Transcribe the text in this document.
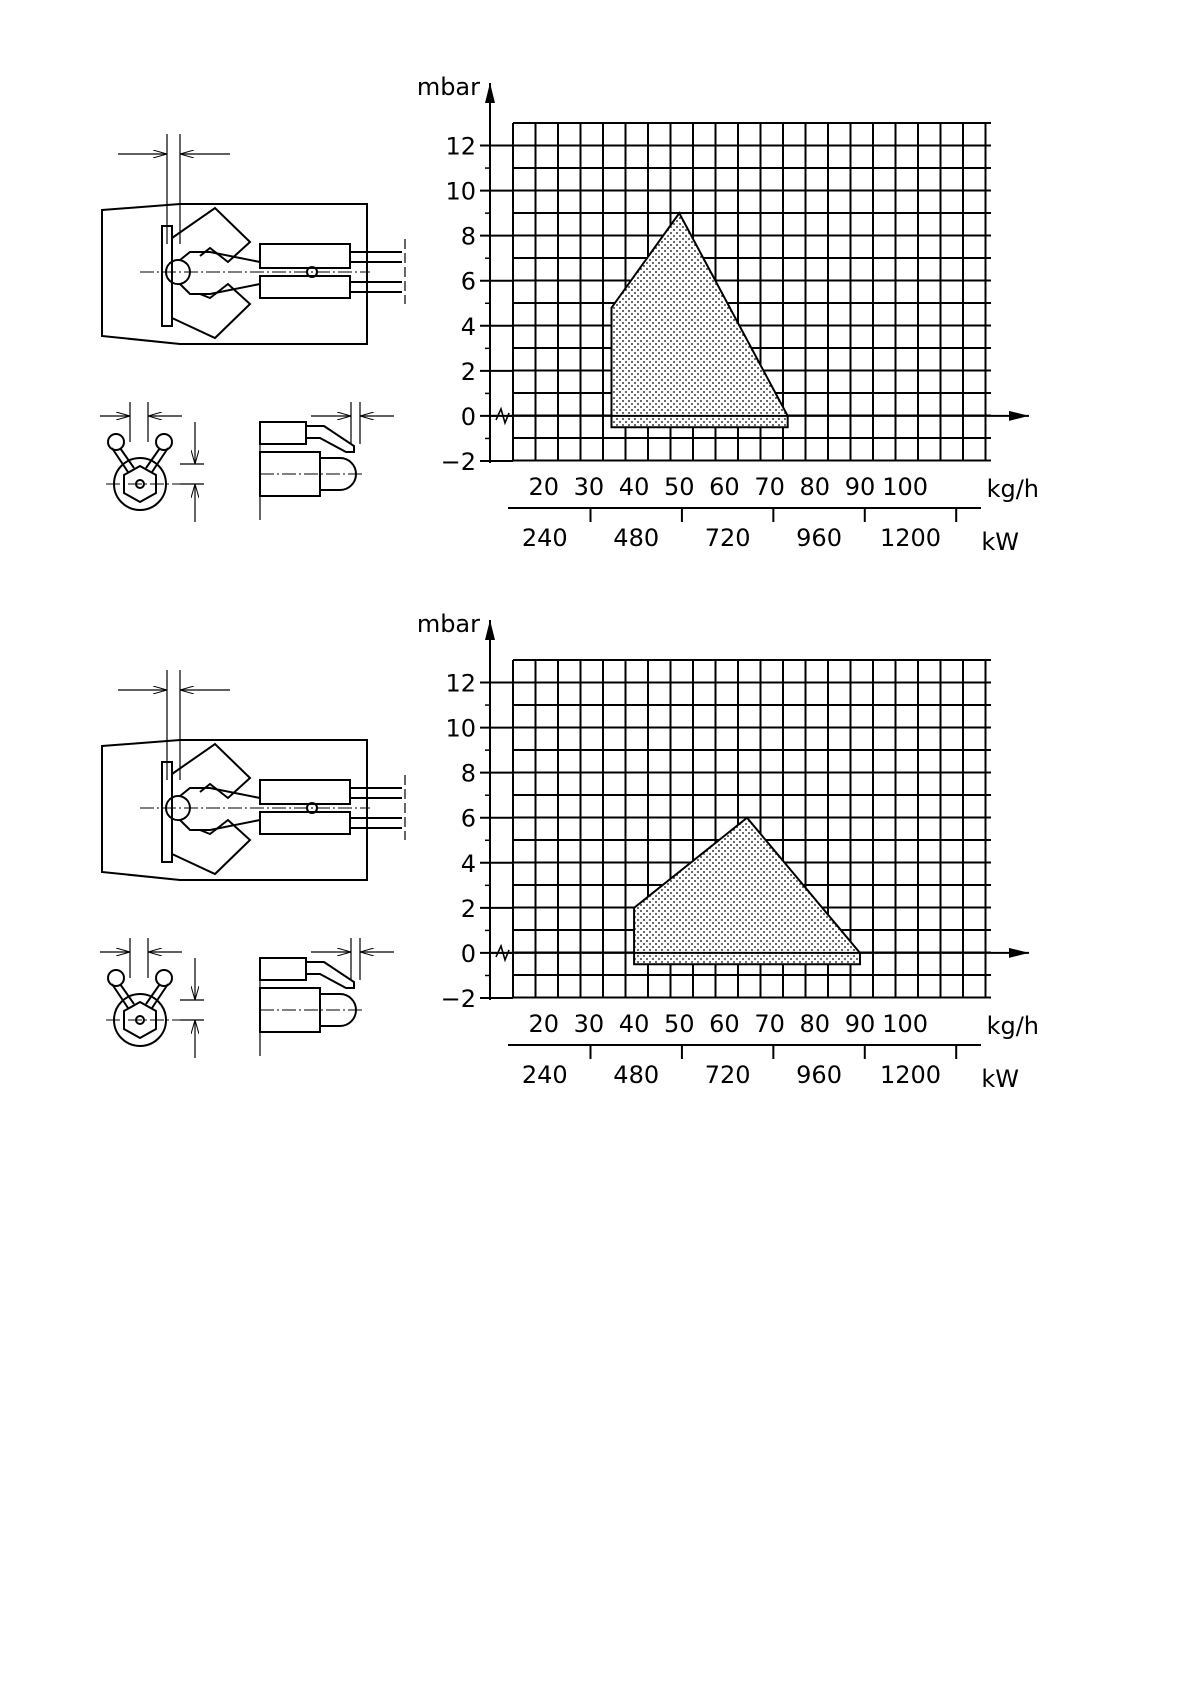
−2
0
2
4
6
8
10
12
mbar
20 30 40 50 60 70 80 90 100 kg/h
240 480 720 960 1200 kW
−2
0
2
4
6
8
10
12
mbar
20 30 40 50 60 70 80 90 100 kg/h
240 480 720 960 1200 kW
